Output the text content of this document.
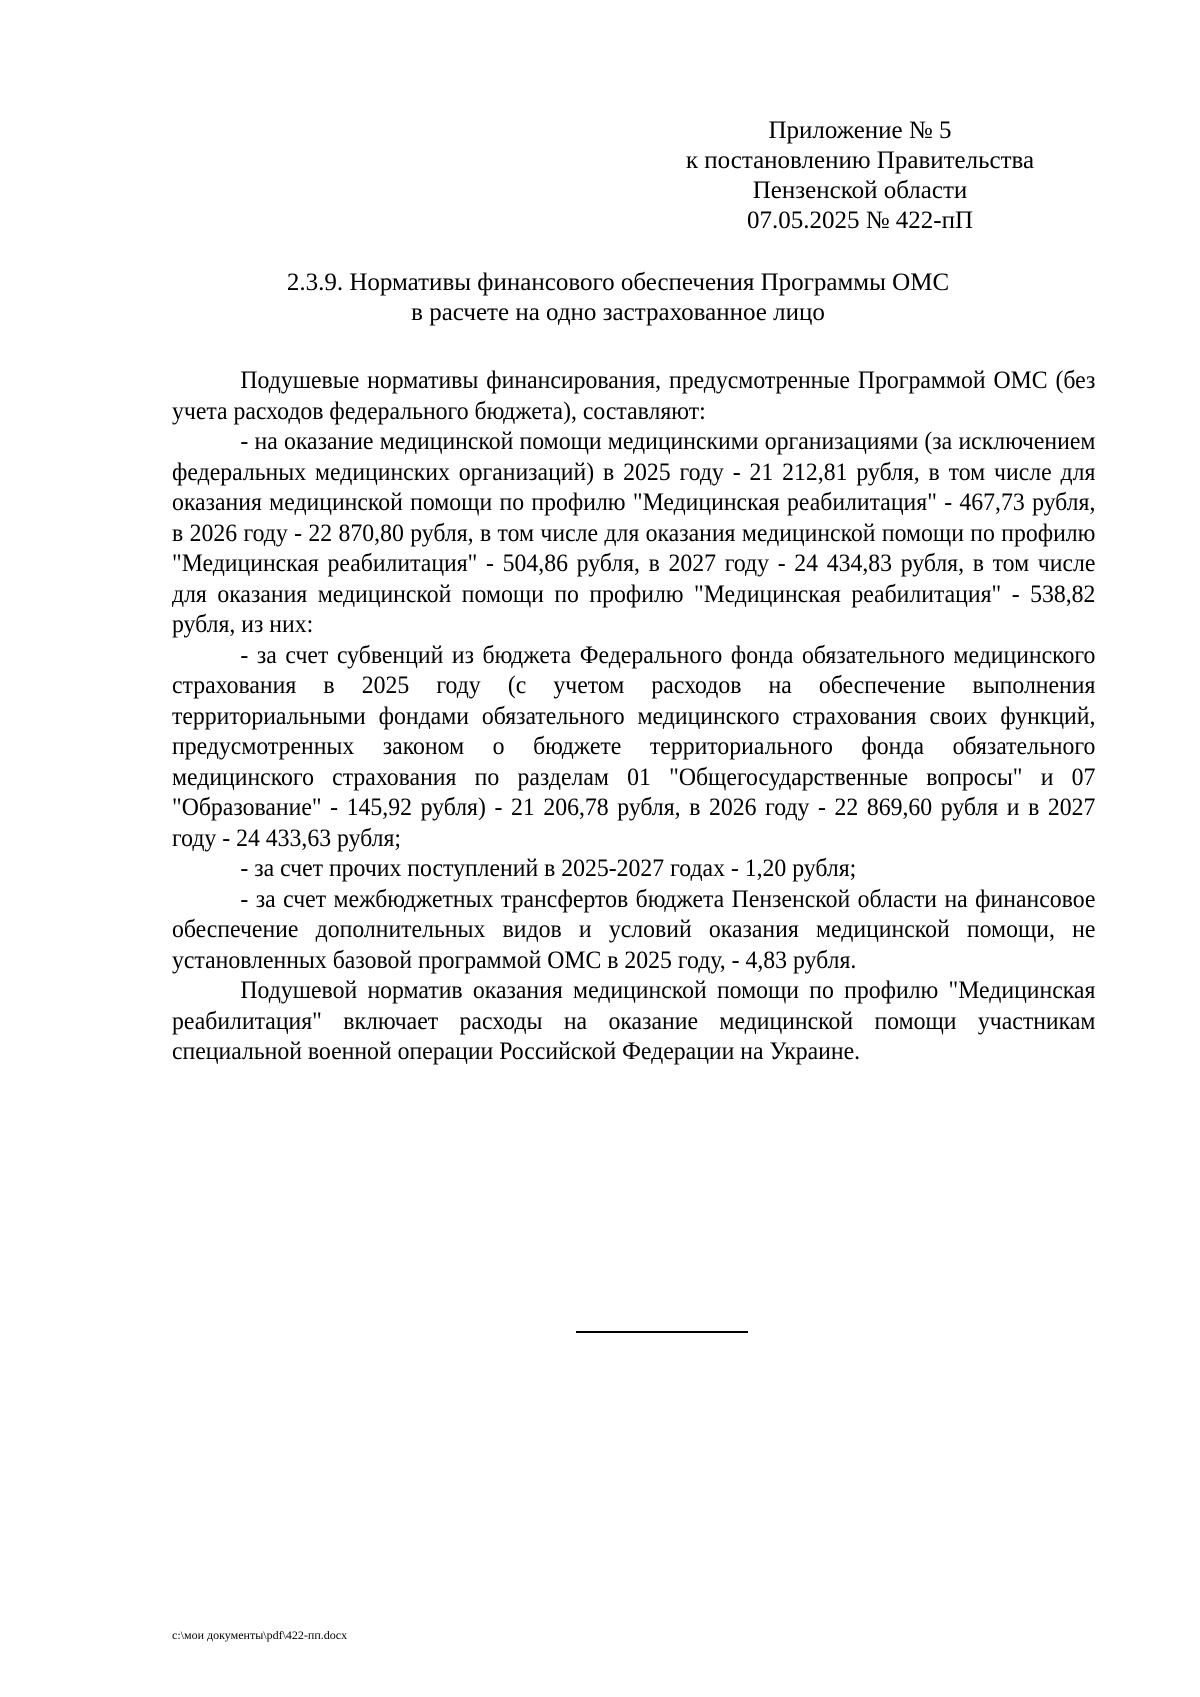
Приложение № 5
к постановлению Правительства
Пензенской области
07.05.2025 № 422-пП
2.3.9. Нормативы финансового обеспечения Программы ОМС
в расчете на одно застрахованное лицо

Подушевые нормативы финансирования, предусмотренные Программой ОМС (без учета расходов федерального бюджета), составляют:

- на оказание медицинской помощи медицинскими организациями (за исключением федеральных медицинских организаций) в 2025 году - 21 212,81 рубля, в том числе для оказания медицинской помощи по профилю "Медицинская реабилитация" - 467,73 рубля, в 2026 году - 22 870,80 рубля, в том числе для оказания медицинской помощи по профилю "Медицинская реабилитация" - 504,86 рубля, в 2027 году - 24 434,83 рубля, в том числе для оказания медицинской помощи по профилю "Медицинская реабилитация" - 538,82 рубля, из них:

- за счет субвенций из бюджета Федерального фонда обязательного медицинского страхования в 2025 году (с учетом расходов на обеспечение выполнения территориальными фондами обязательного медицинского страхования своих функций, предусмотренных законом о бюджете территориального фонда обязательного медицинского страхования по разделам 01 "Общегосударственные вопросы" и 07 "Образование" - 145,92 рубля) - 21 206,78 рубля, в 2026 году - 22 869,60 рубля и в 2027 году - 24 433,63 рубля;

- за счет прочих поступлений в 2025-2027 годах - 1,20 рубля;

- за счет межбюджетных трансфертов бюджета Пензенской области на финансовое обеспечение дополнительных видов и условий оказания медицинской помощи, не установленных базовой программой ОМС в 2025 году, - 4,83 рубля.

Подушевой норматив оказания медицинской помощи по профилю "Медицинская реабилитация" включает расходы на оказание медицинской помощи участникам специальной военной операции Российской Федерации на Украине.

c:\мои документы\pdf\422-пп.docx
